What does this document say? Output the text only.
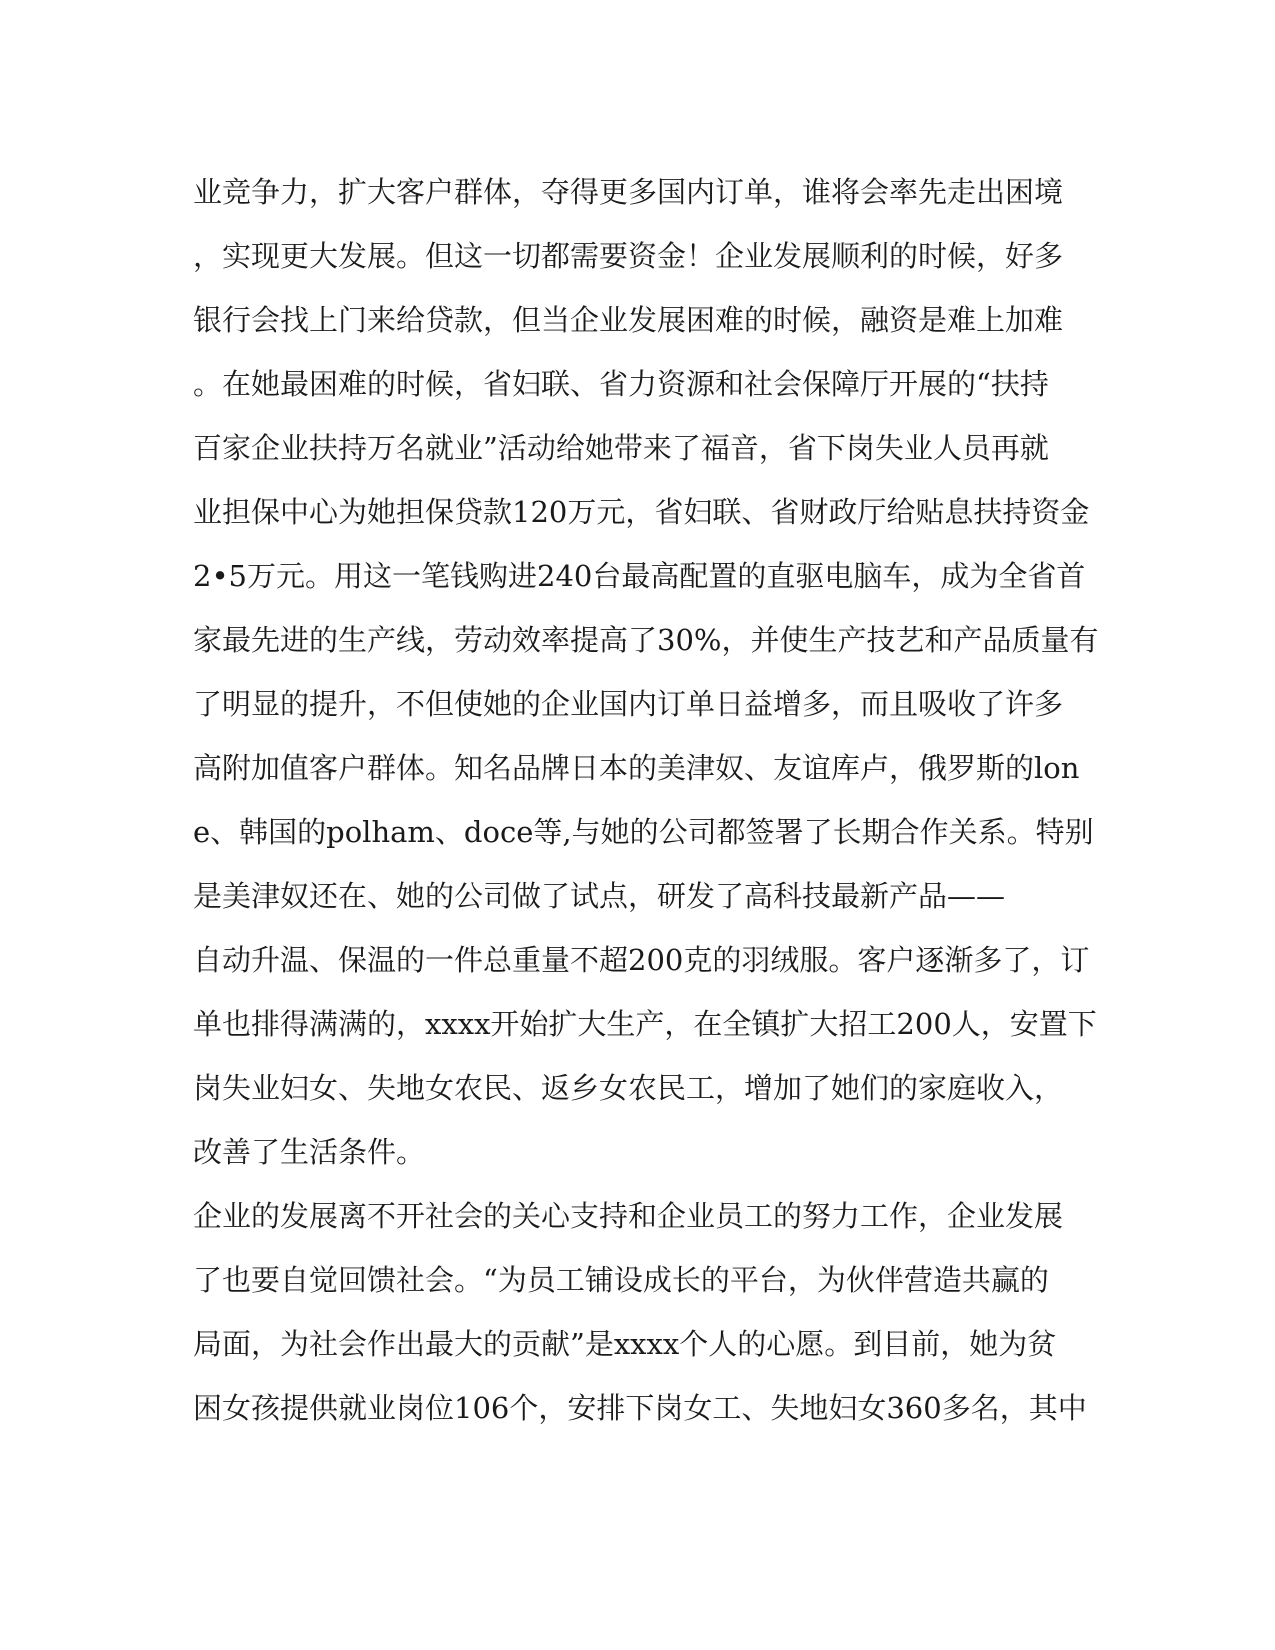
业竞争力，扩大客户群体，夺得更多国内订单，谁将会率先走出困境
，实现更大发展。但这一切都需要资金！企业发展顺利的时候，好多
银行会找上门来给贷款，但当企业发展困难的时候，融资是难上加难
。在她最困难的时候，省妇联、省力资源和社会保障厅开展的“扶持
百家企业扶持万名就业”活动给她带来了福音，省下岗失业人员再就
业担保中心为她担保贷款120万元，省妇联、省财政厅给贴息扶持资金
2•5万元。用这一笔钱购进240台最高配置的直驱电脑车，成为全省首
家最先进的生产线，劳动效率提高了30%，并使生产技艺和产品质量有
了明显的提升，不但使她的企业国内订单日益增多，而且吸收了许多
高附加值客户群体。知名品牌日本的美津奴、友谊库卢，俄罗斯的lon
e、韩国的polham、doce等,与她的公司都签署了长期合作关系。特别
是美津奴还在、她的公司做了试点，研发了高科技最新产品——
自动升温、保温的一件总重量不超200克的羽绒服。客户逐渐多了，订
单也排得满满的，xxxx开始扩大生产，在全镇扩大招工200人，安置下
岗失业妇女、失地女农民、返乡女农民工，增加了她们的家庭收入，
改善了生活条件。
企业的发展离不开社会的关心支持和企业员工的努力工作，企业发展
了也要自觉回馈社会。“为员工铺设成长的平台，为伙伴营造共赢的
局面，为社会作出最大的贡献”是xxxx个人的心愿。到目前，她为贫
困女孩提供就业岗位106个，安排下岗女工、失地妇女360多名，其中
